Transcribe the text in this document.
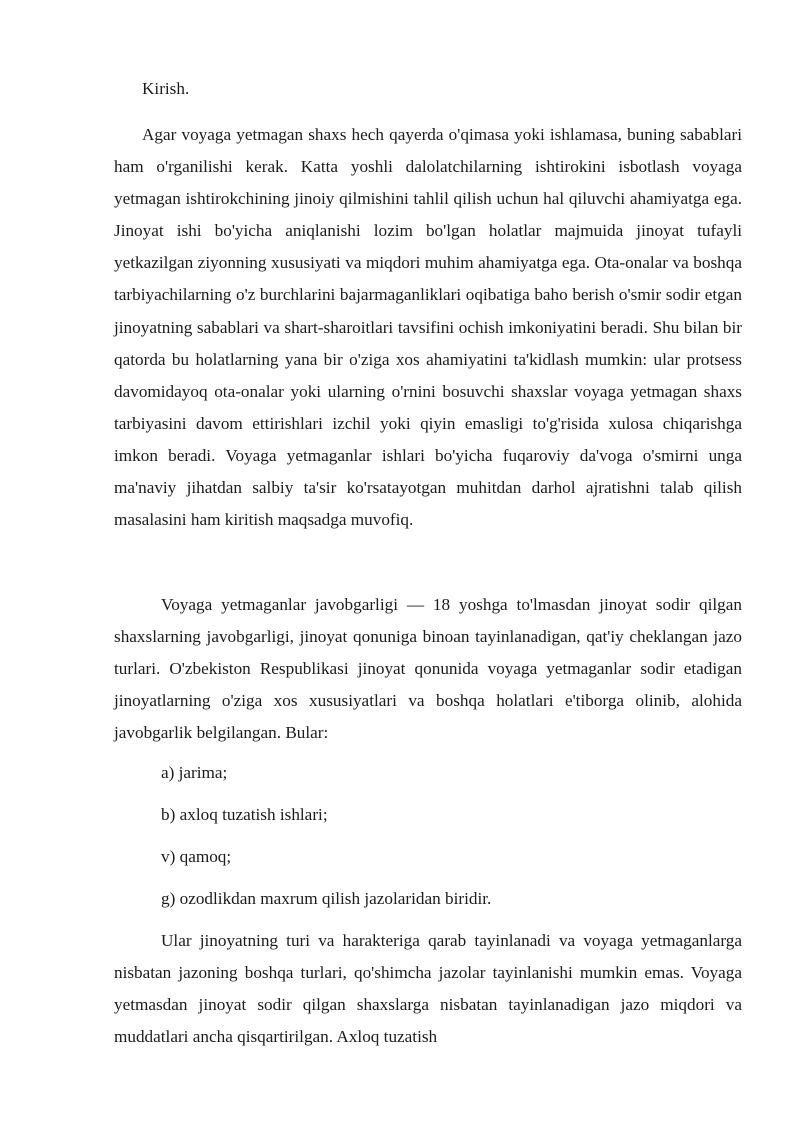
Kirish.

Agar voyaga yetmagan shaxs hech qayerda o'qimasa yoki ishlamasa, buning sabablari ham o'rganilishi kerak. Katta yoshli dalolatchilarning ishtirokini isbotlash voyaga yetmagan ishtirokchining jinoiy qilmishini tahlil qilish uchun hal qiluvchi ahamiyatga ega. Jinoyat ishi bo'yicha aniqlanishi lozim bo'lgan holatlar majmuida jinoyat tufayli yetkazilgan ziyonning xususiyati va miqdori muhim ahamiyatga ega. Ota-onalar va boshqa tarbiyachilarning o'z burchlarini bajarmaganliklari oqibatiga baho berish o'smir sodir etgan jinoyatning sabablari va shart-sharoitlari tavsifini ochish imkoniyatini beradi. Shu bilan bir qatorda bu holatlarning yana bir o'ziga xos ahamiyatini ta'kidlash mumkin: ular protsess davomidayoq ota-onalar yoki ularning o'rnini bosuvchi shaxslar voyaga yetmagan shaxs tarbiyasini davom ettirishlari izchil yoki qiyin emasligi to'g'risida xulosa chiqarishga imkon beradi. Voyaga yetmaganlar ishlari bo'yicha fuqaroviy da'voga o'smirni unga ma'naviy jihatdan salbiy ta'sir ko'rsatayotgan muhitdan darhol ajratishni talab qilish masalasini ham kiritish maqsadga muvofiq.

Voyaga yetmaganlar javobgarligi — 18 yoshga to'lmasdan jinoyat sodir qilgan shaxslarning javobgarligi, jinoyat qonuniga binoan tayinlanadigan, qat'iy cheklangan jazo turlari. O'zbekiston Respublikasi jinoyat qonunida voyaga yetmaganlar sodir etadigan jinoyatlarning o'ziga xos xususiyatlari va boshqa holatlari e'tiborga olinib, alohida javobgarlik belgilangan. Bular:

a) jarima;
b) axloq tuzatish ishlari;
v) qamoq;
g) ozodlikdan maxrum qilish jazolaridan biridir.

Ular jinoyatning turi va harakteriga qarab tayinlanadi va voyaga yetmaganlarga nisbatan jazoning boshqa turlari, qo'shimcha jazolar tayinlanishi mumkin emas. Voyaga yetmasdan jinoyat sodir qilgan shaxslarga nisbatan tayinlanadigan jazo miqdori va muddatlari ancha qisqartirilgan. Axloq tuzatish
